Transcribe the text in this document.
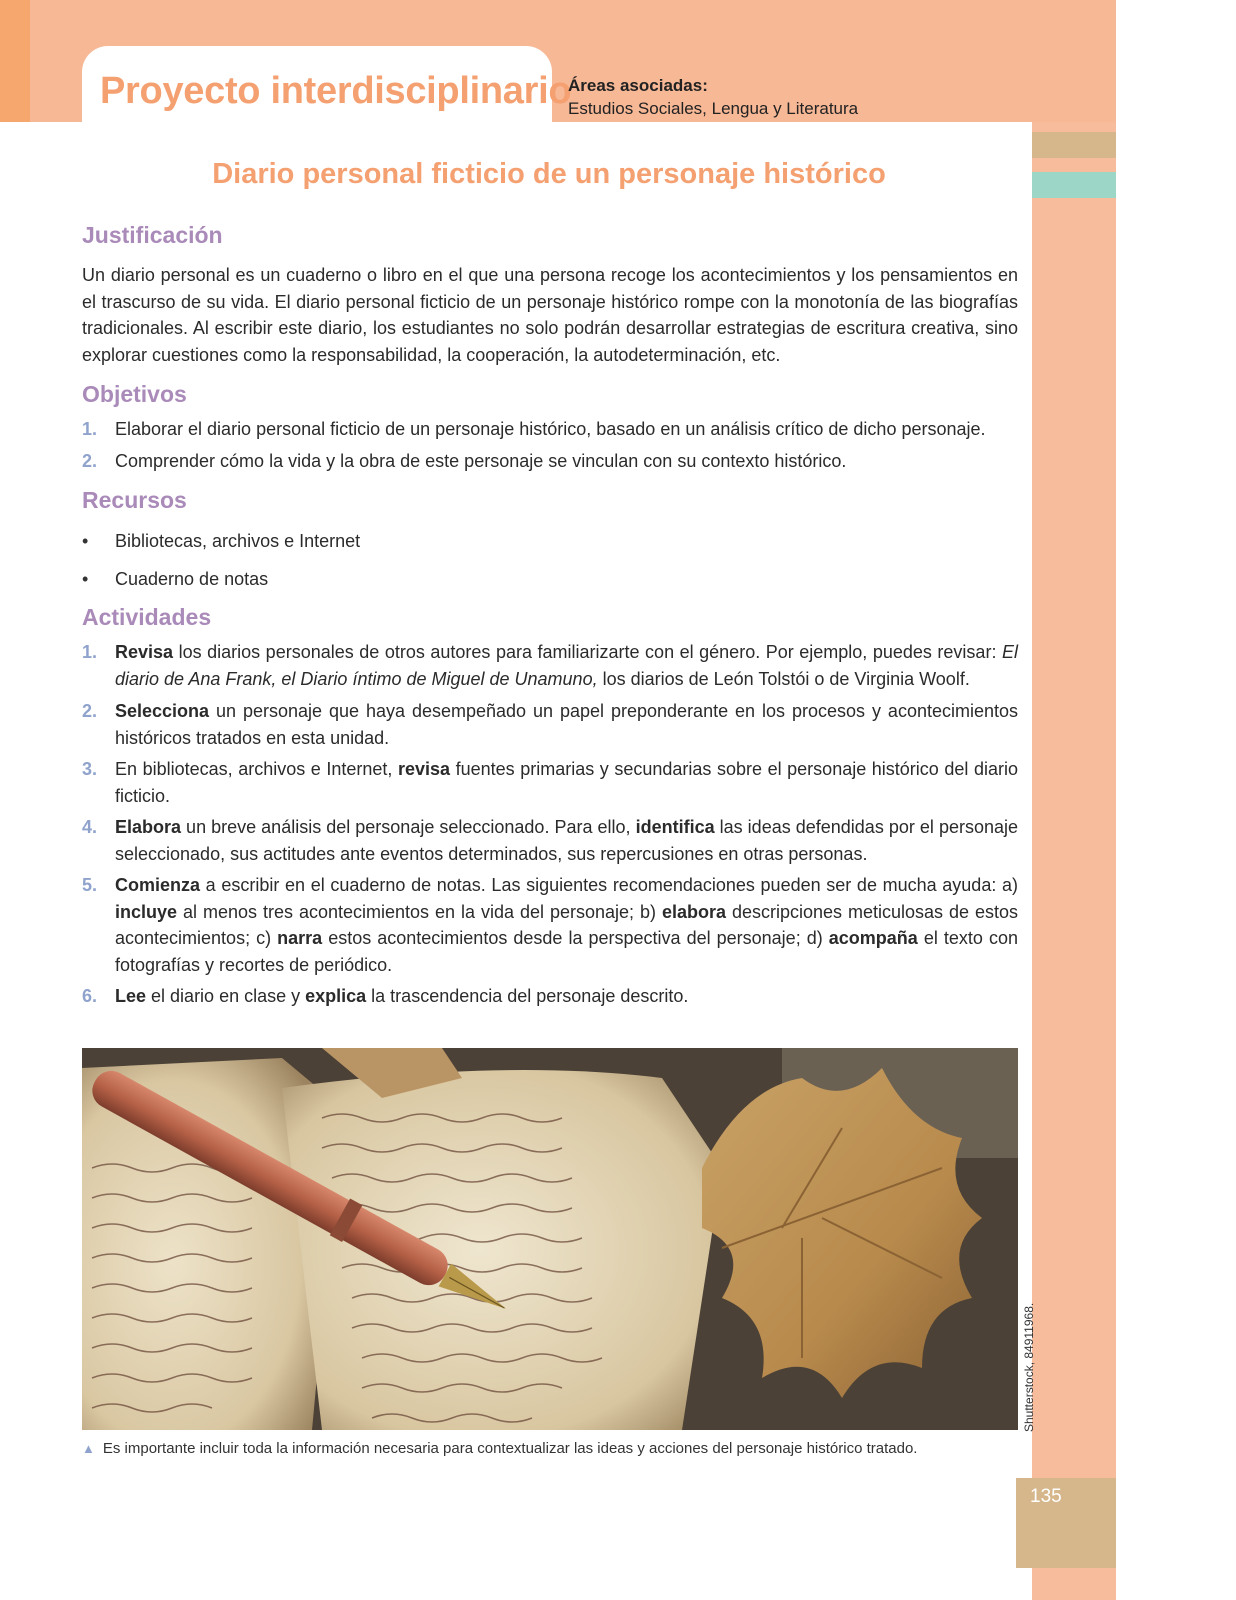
Proyecto interdisciplinario
Áreas asociadas:
Estudios Sociales, Lengua y Literatura
135
Shutterstock, 84911968.
Diario personal ficticio de un personaje histórico
Justificación
Un diario personal es un cuaderno o libro en el que una persona recoge los acontecimientos y los pensamientos en el trascurso de su vida. El diario personal ficticio de un personaje histórico rompe con la monotonía de las biografías tradicionales. Al escribir este diario, los estudiantes no solo podrán desarrollar estrategias de escritura creativa, sino explorar cuestiones como la responsabilidad, la cooperación, la autodeterminación, etc.
Objetivos
1. Elaborar el diario personal ficticio de un personaje histórico, basado en un análisis crítico de dicho personaje.
2. Comprender cómo la vida y la obra de este personaje se vinculan con su contexto histórico.
Recursos
•	Bibliotecas, archivos e Internet
•	Cuaderno de notas
Actividades
1. Revisa los diarios personales de otros autores para familiarizarte con el género. Por ejemplo, puedes revisar: El diario de Ana Frank, el Diario íntimo de Miguel de Unamuno, los diarios de León Tolstói o de Virginia Woolf.
2. Selecciona un personaje que haya desempeñado un papel preponderante en los procesos y acontecimientos históricos tratados en esta unidad.
3. En bibliotecas, archivos e Internet, revisa fuentes primarias y secundarias sobre el personaje histórico del diario ficticio.
4. Elabora un breve análisis del personaje seleccionado. Para ello, identifica las ideas defendidas por el personaje seleccionado, sus actitudes ante eventos determinados, sus repercusiones en otras personas.
5. Comienza a escribir en el cuaderno de notas. Las siguientes recomendaciones pueden ser de mucha ayuda: a) incluye al menos tres acontecimientos en la vida del personaje; b) elabora descripciones meticulosas de estos acontecimientos; c) narra estos acontecimientos desde la perspectiva del personaje; d) acompaña el texto con fotografías y recortes de periódico.
6. Lee el diario en clase y explica la trascendencia del personaje descrito.
▲ Es importante incluir toda la información necesaria para contextualizar las ideas y acciones del personaje histórico tratado.
